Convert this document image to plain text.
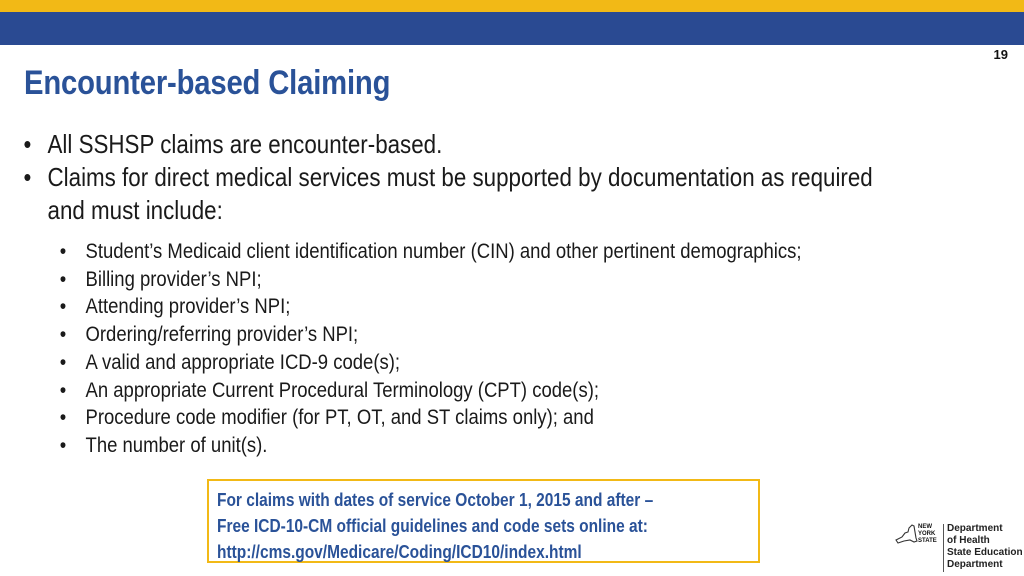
19
Encounter-based Claiming
• All SSHSP claims are encounter-based.
• Claims for direct medical services must be supported by documentation as required and must include:
• Student’s Medicaid client identification number (CIN) and other pertinent demographics;
• Billing provider’s NPI;
• Attending provider’s NPI;
• Ordering/referring provider’s NPI;
• A valid and appropriate ICD-9 code(s);
• An appropriate Current Procedural Terminology (CPT) code(s);
• Procedure code modifier (for PT, OT, and ST claims only); and
• The number of unit(s).

For claims with dates of service October 1, 2015 and after –

Free ICD-10-CM official guidelines and code sets online at:

http://cms.gov/Medicare/Coding/ICD10/index.html

NEW
YORK
STATE
Department
of Health
State Education
Department
